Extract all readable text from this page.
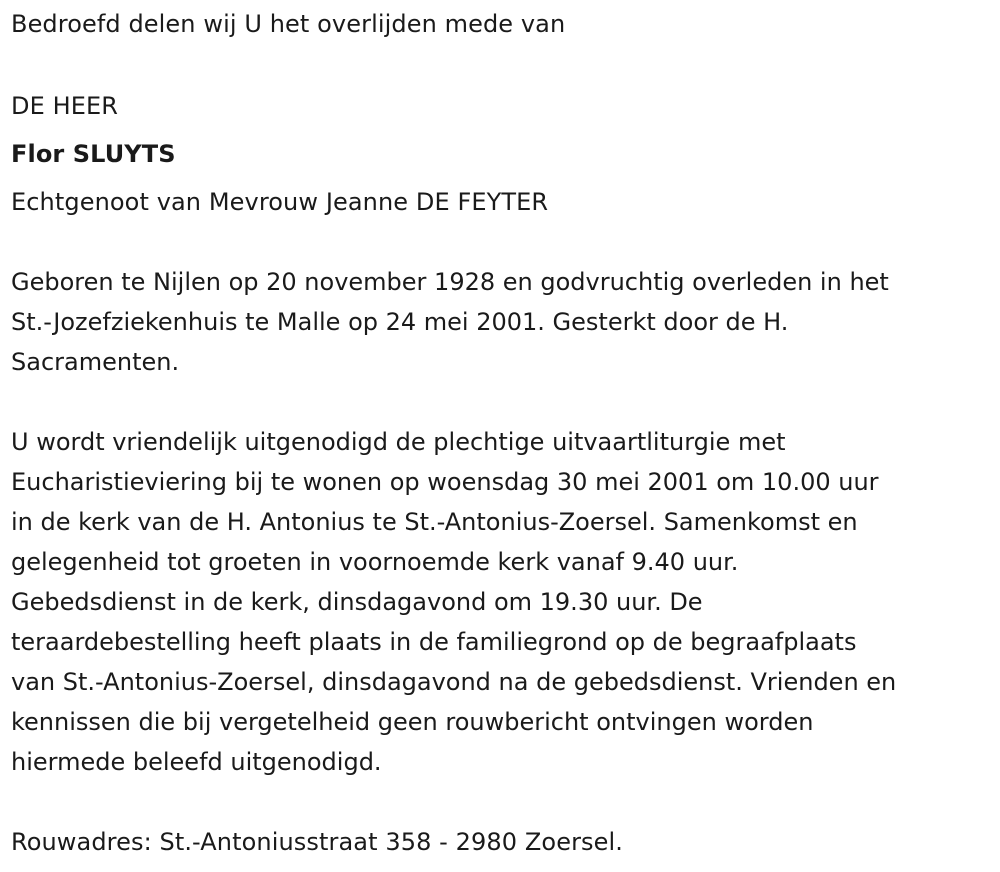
Bedroefd delen wij U het overlijden mede van
DE HEER
Flor SLUYTS
Echtgenoot van Mevrouw Jeanne DE FEYTER
Geboren te Nijlen op 20 november 1928 en godvruchtig overleden in het
St.-Jozefziekenhuis te Malle op 24 mei 2001. Gesterkt door de H.
Sacramenten.
U wordt vriendelijk uitgenodigd de plechtige uitvaartliturgie met
Eucharistieviering bij te wonen op woensdag 30 mei 2001 om 10.00 uur
in de kerk van de H. Antonius te St.-Antonius-Zoersel. Samenkomst en
gelegenheid tot groeten in voornoemde kerk vanaf 9.40 uur.
Gebedsdienst in de kerk, dinsdagavond om 19.30 uur. De
teraardebestelling heeft plaats in de familiegrond op de begraafplaats
van St.-Antonius-Zoersel, dinsdagavond na de gebedsdienst. Vrienden en
kennissen die bij vergetelheid geen rouwbericht ontvingen worden
hiermede beleefd uitgenodigd.
Rouwadres: St.-Antoniusstraat 358 - 2980 Zoersel.
